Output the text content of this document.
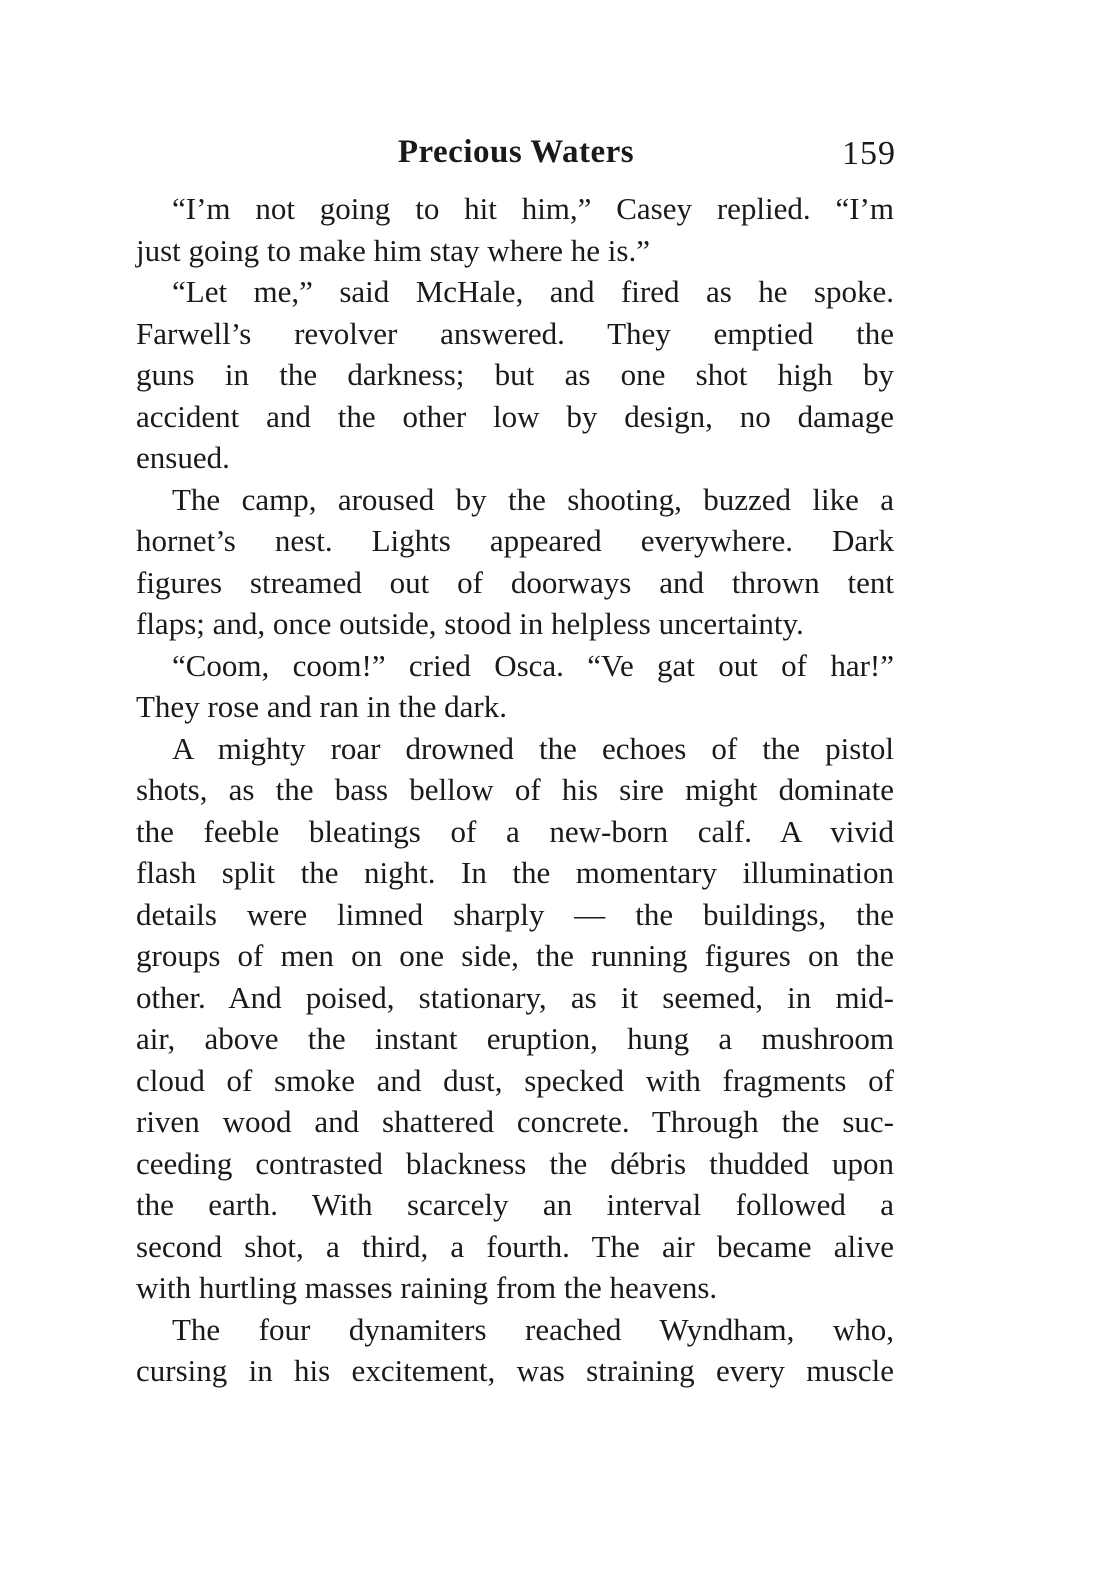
Precious Waters	159

“I’m not going to hit him,” Casey replied. “I’m
just going to make him stay where he is.”

“Let me,” said McHale, and fired as he spoke.
Farwell’s revolver answered. They emptied the
guns in the darkness; but as one shot high by
accident and the other low by design, no damage
ensued.

The camp, aroused by the shooting, buzzed like a
hornet’s nest. Lights appeared everywhere. Dark
figures streamed out of doorways and thrown tent
flaps; and, once outside, stood in helpless uncertainty.

“Coom, coom!” cried Osca. “Ve gat out of har!”
They rose and ran in the dark.

A mighty roar drowned the echoes of the pistol
shots, as the bass bellow of his sire might dominate
the feeble bleatings of a new-born calf. A vivid
flash split the night. In the momentary illumination
details were limned sharply — the buildings, the
groups of men on one side, the running figures on the
other. And poised, stationary, as it seemed, in mid-
air, above the instant eruption, hung a mushroom
cloud of smoke and dust, specked with fragments of
riven wood and shattered concrete. Through the suc-
ceeding contrasted blackness the débris thudded upon
the earth. With scarcely an interval followed a
second shot, a third, a fourth. The air became alive
with hurtling masses raining from the heavens.

The four dynamiters reached Wyndham, who,
cursing in his excitement, was straining every muscle
